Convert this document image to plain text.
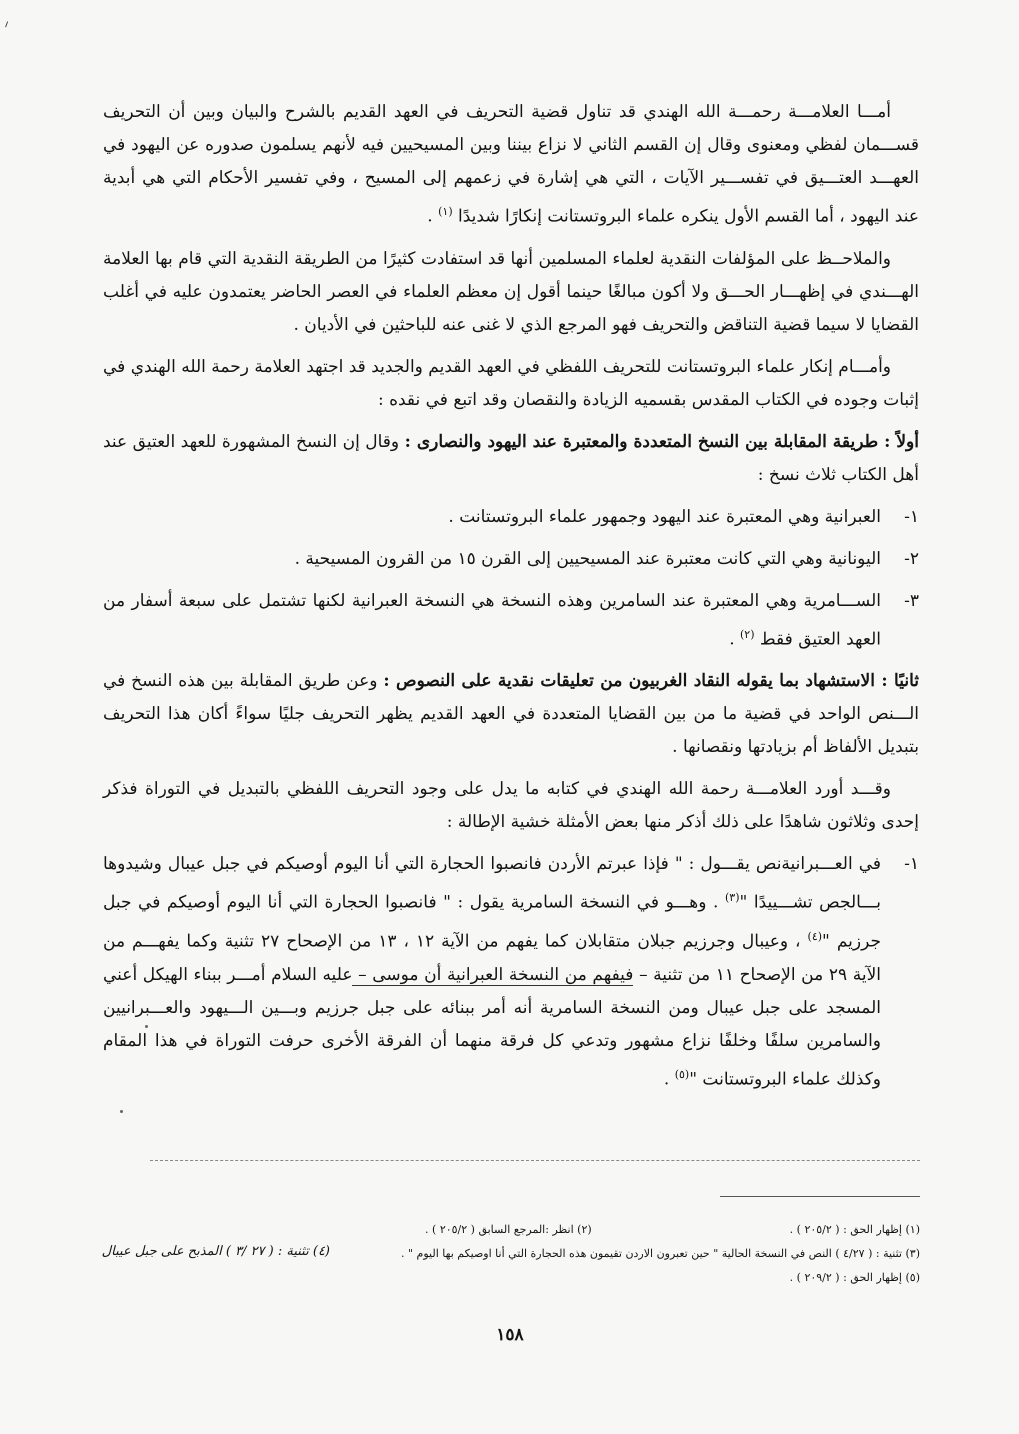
أمـــا العلامـــة رحمـــة الله الهندي قد تناول قضية التحريف في العهد القديم بالشرح والبيان وبين أن التحريف قســـمان لفظي ومعنوى وقال إن القسم الثاني لا نزاع بيننا وبين المسيحيين فيه لأنهم يسلمون صدوره عن اليهود في العهـــد العتـــيق في تفســـير الآيات ، التي هي إشارة في زعمهم إلى المسيح ، وفي تفسير الأحكام التي هي أبدية عند اليهود ، أما القسم الأول ينكره علماء البروتستانت إنكارًا شديدًا $^{(١)}$ .

والملاحــظ على المؤلفات النقدية لعلماء المسلمين أنها قد استفادت كثيرًا من الطريقة النقدية التي قام بها العلامة الهـــندي في إظهـــار الحـــق ولا أكون مبالغًا حينما أقول إن معظم العلماء في العصر الحاضر يعتمدون عليه في أغلب القضايا لا سيما قضية التناقض والتحريف فهو المرجع الذي لا غنى عنه للباحثين في الأديان .

وأمـــام إنكار علماء البروتستانت للتحريف اللفظي في العهد القديم والجديد قد اجتهد العلامة رحمة الله الهندي في إثبات وجوده في الكتاب المقدس بقسميه الزيادة والنقصان وقد اتبع في نقده :

أولاً : طريقة المقابلة بين النسخ المتعددة والمعتبرة عند اليهود والنصارى : وقال إن النسخ المشهورة للعهد العتيق عند أهل الكتاب ثلاث نسخ :

١-
العبرانية وهي المعتبرة عند اليهود وجمهور علماء البروتستانت .
٢-
اليونانية وهي التي كانت معتبرة عند المسيحيين إلى القرن ١٥ من القرون المسيحية .
٣-
الســـامرية وهي المعتبرة عند السامرين وهذه النسخة هي النسخة العبرانية لكنها تشتمل على سبعة أسفار من العهد العتيق فقط $^{(٢)}$ .

ثانيًا : الاستشهاد بما يقوله النقاد الغربيون من تعليقات نقدية على النصوص : وعن طريق المقابلة بين هذه النسخ في الـــنص الواحد في قضية ما من بين القضايا المتعددة في العهد القديم يظهر التحريف جليًا سواءً أكان هذا التحريف بتبديل الألفاظ أم بزيادتها ونقصانها .

وقـــد أورد العلامـــة رحمة الله الهندي في كتابه ما يدل على وجود التحريف اللفظي بالتبديل في التوراة فذكر إحدى وثلاثون شاهدًا على ذلك أذكر منها بعض الأمثلة خشية الإطالة :

١-
في العـــبرانيةنص يقـــول : " فإذا عبرتم الأردن فانصبوا الحجارة التي أنا اليوم أوصيكم في جبل عيبال وشيدوها بـــالجص تشـــييدًا "$^{(٣)}$ . وهـــو في النسخة السامرية يقول : " فانصبوا الحجارة التي أنا اليوم أوصيكم في جبل جرزيم "$^{(٤)}$ ، وعيبال وجرزيم جبلان متقابلان كما يفهم من الآية ١٢ ، ١٣ من الإصحاح ٢٧ تثنية وكما يفهـــم من الآية ٢٩ من الإصحاح ١١ من تثنية – فيفهم من النسخة العبرانية أن موسى – عليه السلام أمـــر ببناء الهيكل أعني المسجد على جبل عيبال ومن النسخة السامرية أنه أمر ببنائه على جبل جرزيم وبـــين الـــيهود والعـــبرانيين والسامرين سلفًا وخلفًا نزاع مشهور وتدعي كل فرقة منهما أن الفرقة الأخرى حرفت التوراة في هذا المقام وكذلك علماء البروتستانت "$^{(٥)}$ .
(١) إظهار الحق : ( ٢٠٥/٢ ) .
(٢) انظر :المرجع السابق ( ٢٠٥/٢ ) .
(٣) تثنية : ( ٤/٢٧ ) النص في النسخة الحالية " حين تعبرون الاردن تقيمون هذه الحجارة التي أنا اوصيكم بها اليوم " .
(٥) إظهار الحق : ( ٢٠٩/٢ ) .
(٤) تثنية : ( ٢٧ /٣ ) المذبح على جبل عيبال
١٥٨
